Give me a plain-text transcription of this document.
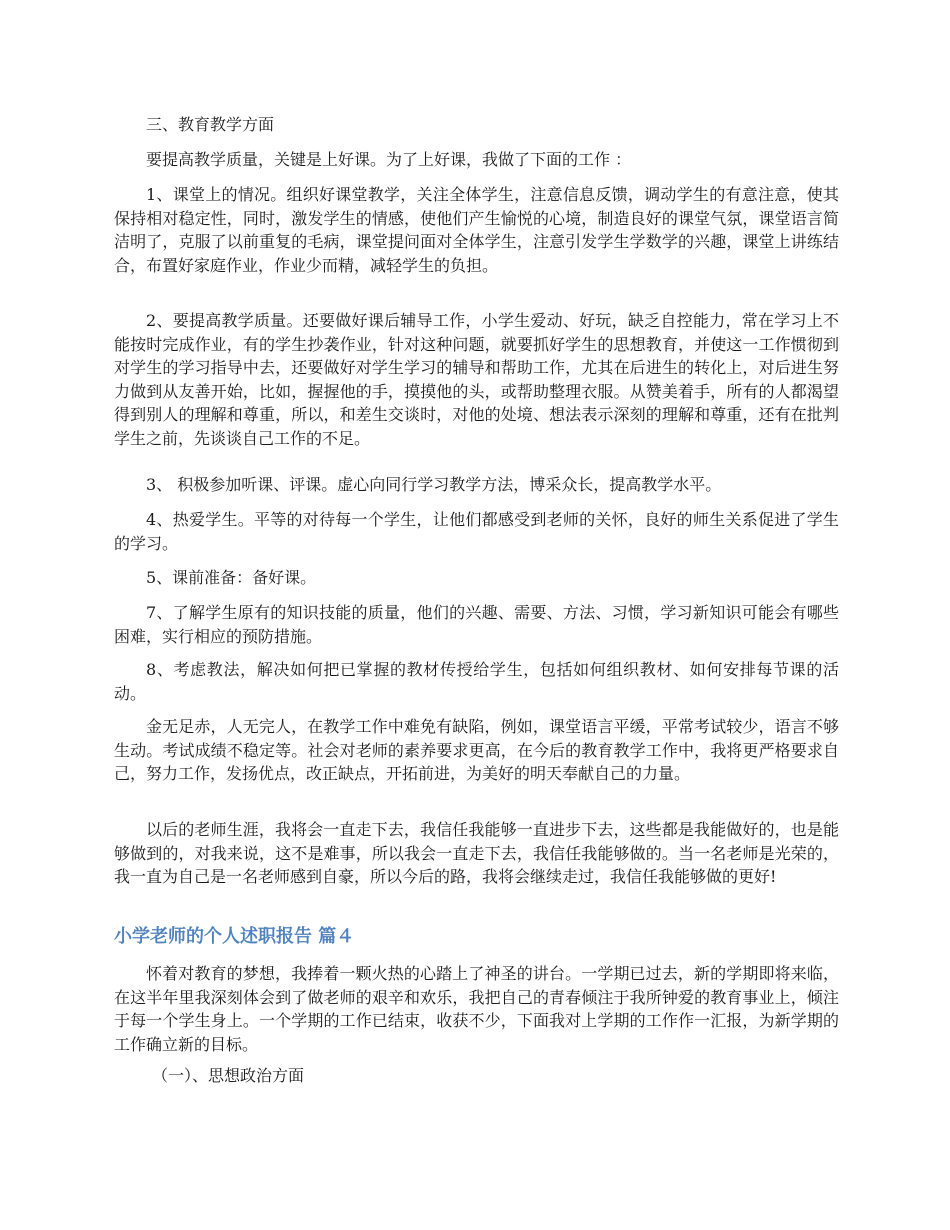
三、教育教学方面

要提高教学质量，关键是上好课。为了上好课，我做了下面的工作 ：

1、课堂上的情况。组织好课堂教学，关注全体学生，注意信息反馈，调动学生的有意注意，使其保持相对稳定性，同时，激发学生的情感，使他们产生愉悦的心境，制造良好的课堂气氛，课堂语言简洁明了，克服了以前重复的毛病，课堂提问面对全体学生，注意引发学生学数学的兴趣，课堂上讲练结合，布置好家庭作业，作业少而精，减轻学生的负担。

2、要提高教学质量。还要做好课后辅导工作，小学生爱动、好玩，缺乏自控能力，常在学习上不能按时完成作业，有的学生抄袭作业，针对这种问题，就要抓好学生的思想教育，并使这一工作惯彻到对学生的学习指导中去，还要做好对学生学习的辅导和帮助工作，尤其在后进生的转化上，对后进生努力做到从友善开始，比如，握握他的手，摸摸他的头，或帮助整理衣服。从赞美着手，所有的人都渴望得到别人的理解和尊重，所以，和差生交谈时，对他的处境、想法表示深刻的理解和尊重，还有在批判学生之前，先谈谈自己工作的不足。

3、 积极参加听课、评课。虚心向同行学习教学方法，博采众长，提高教学水平。

4、热爱学生。平等的对待每一个学生，让他们都感受到老师的关怀，良好的师生关系促进了学生的学习。

5、课前准备：备好课。

7、了解学生原有的知识技能的质量，他们的兴趣、需要、方法、习惯，学习新知识可能会有哪些困难，实行相应的预防措施。

8、考虑教法，解决如何把已掌握的教材传授给学生，包括如何组织教材、如何安排每节课的活动。

金无足赤，人无完人，在教学工作中难免有缺陷，例如，课堂语言平缓，平常考试较少，语言不够生动。考试成绩不稳定等。社会对老师的素养要求更高，在今后的教育教学工作中，我将更严格要求自己，努力工作，发扬优点，改正缺点，开拓前进，为美好的明天奉献自己的力量。

以后的老师生涯，我将会一直走下去，我信任我能够一直进步下去，这些都是我能做好的，也是能够做到的，对我来说，这不是难事，所以我会一直走下去，我信任我能够做的。当一名老师是光荣的，我一直为自己是一名老师感到自豪，所以今后的路，我将会继续走过，我信任我能够做的更好!

小学老师的个人述职报告 篇４

怀着对教育的梦想，我捧着一颗火热的心踏上了神圣的讲台。一学期已过去，新的学期即将来临，在这半年里我深刻体会到了做老师的艰辛和欢乐，我把自己的青春倾注于我所钟爱的教育事业上，倾注于每一个学生身上。一个学期的工作已结束，收获不少，下面我对上学期的工作作一汇报，为新学期的工作确立新的目标。

（一）、思想政治方面
